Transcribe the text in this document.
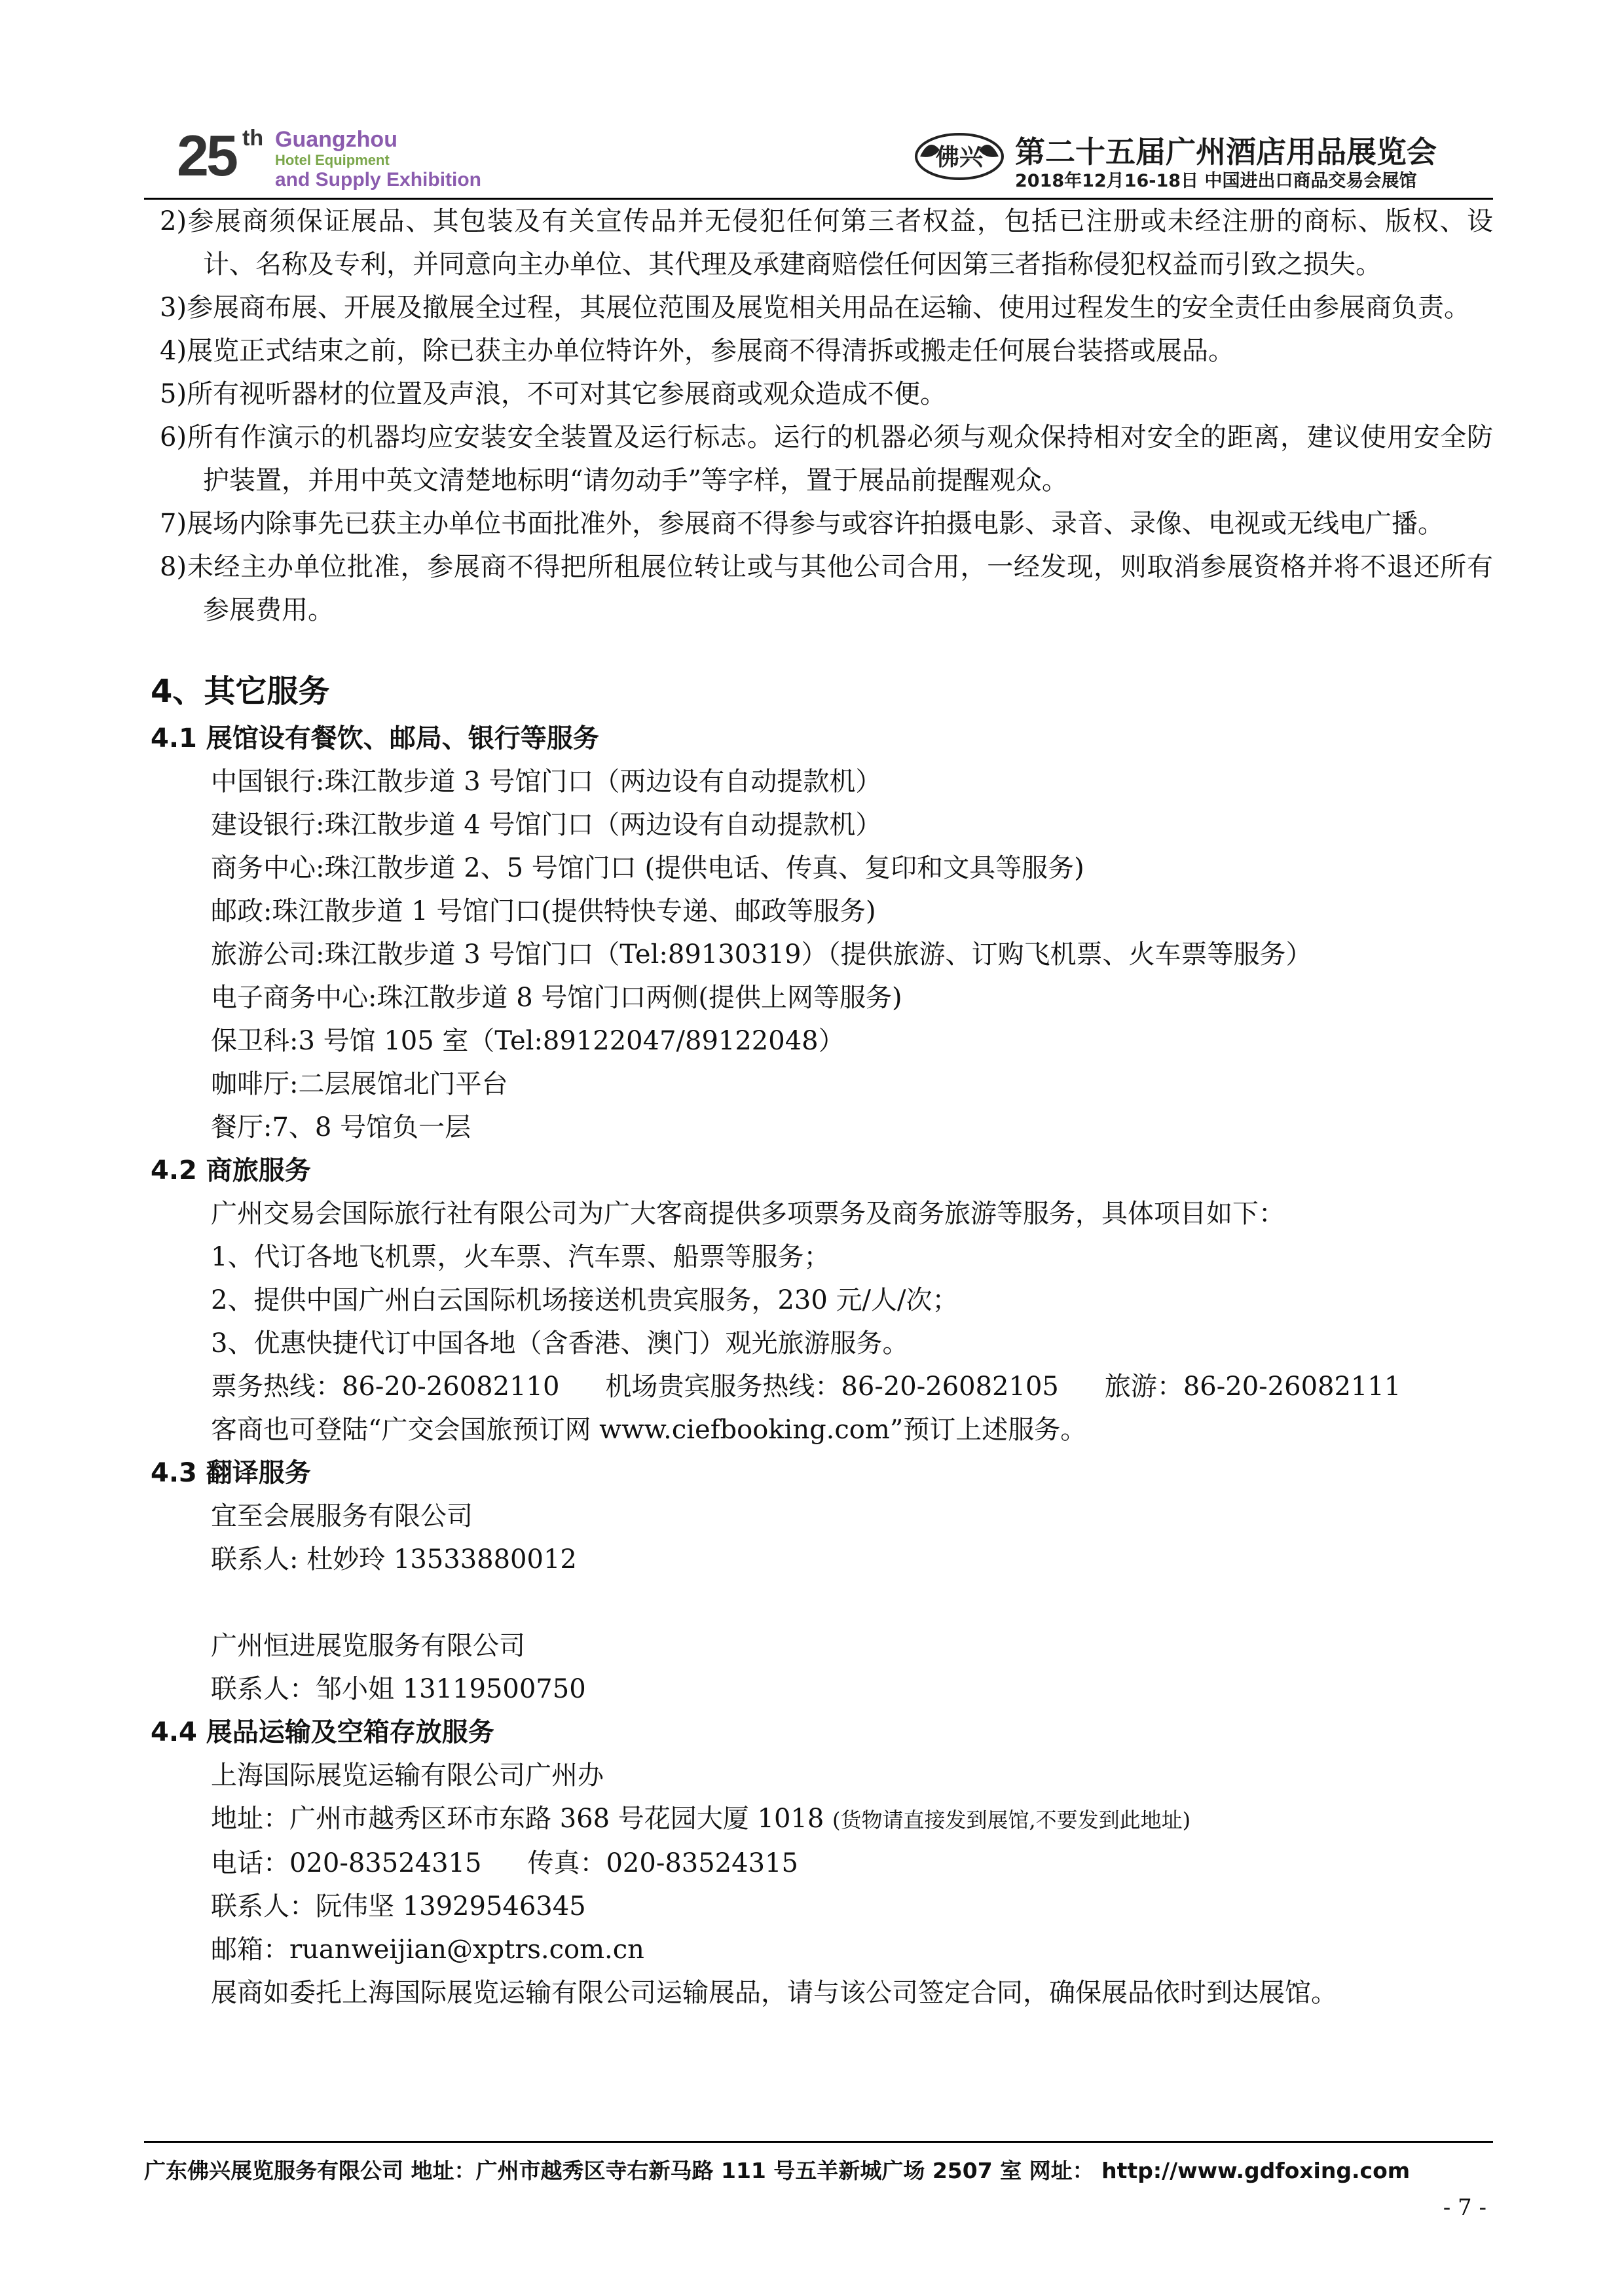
25 th Guangzhou
Hotel Equipment
and Supply Exhibition
佛兴 第二十五届广州酒店用品展览会
2018年12月16-18日 中国进出口商品交易会展馆
2)参展商须保证展品、其包装及有关宣传品并无侵犯任何第三者权益，包括已注册或未经注册的商标、版权、设计、名称及专利，并同意向主办单位、其代理及承建商赔偿任何因第三者指称侵犯权益而引致之损失。
3)参展商布展、开展及撤展全过程，其展位范围及展览相关用品在运输、使用过程发生的安全责任由参展商负责。
4)展览正式结束之前，除已获主办单位特许外，参展商不得清拆或搬走任何展台装搭或展品。
5)所有视听器材的位置及声浪，不可对其它参展商或观众造成不便。
6)所有作演示的机器均应安装安全装置及运行标志。运行的机器必须与观众保持相对安全的距离，建议使用安全防护装置，并用中英文清楚地标明“请勿动手”等字样，置于展品前提醒观众。
7)展场内除事先已获主办单位书面批准外，参展商不得参与或容许拍摄电影、录音、录像、电视或无线电广播。
8)未经主办单位批准，参展商不得把所租展位转让或与其他公司合用，一经发现，则取消参展资格并将不退还所有参展费用。
4、其它服务
4.1 展馆设有餐饮、邮局、银行等服务
中国银行:珠江散步道 3 号馆门口（两边设有自动提款机）
建设银行:珠江散步道 4 号馆门口（两边设有自动提款机）
商务中心:珠江散步道 2、5 号馆门口 (提供电话、传真、复印和文具等服务)
邮政:珠江散步道 1 号馆门口(提供特快专递、邮政等服务)
旅游公司:珠江散步道 3 号馆门口（Tel:89130319）（提供旅游、订购飞机票、火车票等服务）
电子商务中心:珠江散步道 8 号馆门口两侧(提供上网等服务)
保卫科:3 号馆 105 室（Tel:89122047/89122048）
咖啡厅:二层展馆北门平台
餐厅:7、8 号馆负一层
4.2 商旅服务
广州交易会国际旅行社有限公司为广大客商提供多项票务及商务旅游等服务，具体项目如下：
1、代订各地飞机票，火车票、汽车票、船票等服务；
2、提供中国广州白云国际机场接送机贵宾服务，230 元/人/次；
3、优惠快捷代订中国各地（含香港、澳门）观光旅游服务。
票务热线：86-20-26082110 机场贵宾服务热线：86-20-26082105 旅游：86-20-26082111
客商也可登陆“广交会国旅预订网 www.ciefbooking.com”预订上述服务。
4.3 翻译服务
宜至会展服务有限公司
联系人: 杜妙玲 13533880012
广州恒进展览服务有限公司
联系人：邹小姐 13119500750
4.4 展品运输及空箱存放服务
上海国际展览运输有限公司广州办
地址：广州市越秀区环市东路 368 号花园大厦 1018 (货物请直接发到展馆,不要发到此地址)
电话：020-83524315 传真：020-83524315
联系人：阮伟坚 13929546345
邮箱：ruanweijian@xptrs.com.cn
展商如委托上海国际展览运输有限公司运输展品，请与该公司签定合同，确保展品依时到达展馆。
广东佛兴展览服务有限公司 地址：广州市越秀区寺右新马路 111 号五羊新城广场 2507 室 网址： http://www.gdfoxing.com
- 7 -
